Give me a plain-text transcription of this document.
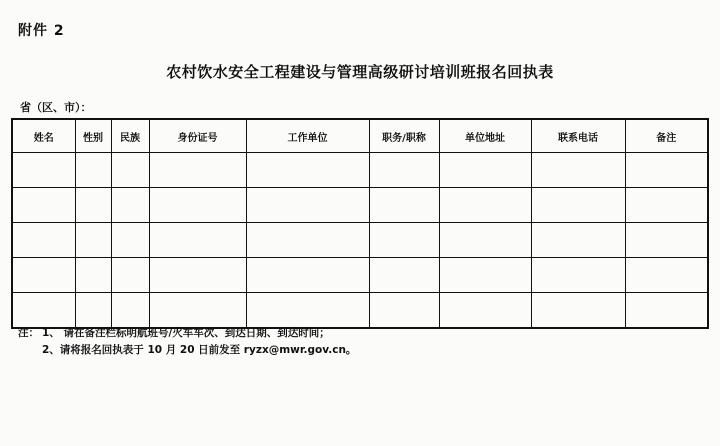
附件 2
农村饮水安全工程建设与管理高级研讨培训班报名回执表
省（区、市）：
姓名	性别	民族	身份证号	工作单位	职务/职称	单位地址	联系电话	备注

注： 1、 请在备注栏标明航班号/火车车次、到达日期、到达时间；
2、请将报名回执表于 10 月 20 日前发至 ryzx@mwr.gov.cn。
